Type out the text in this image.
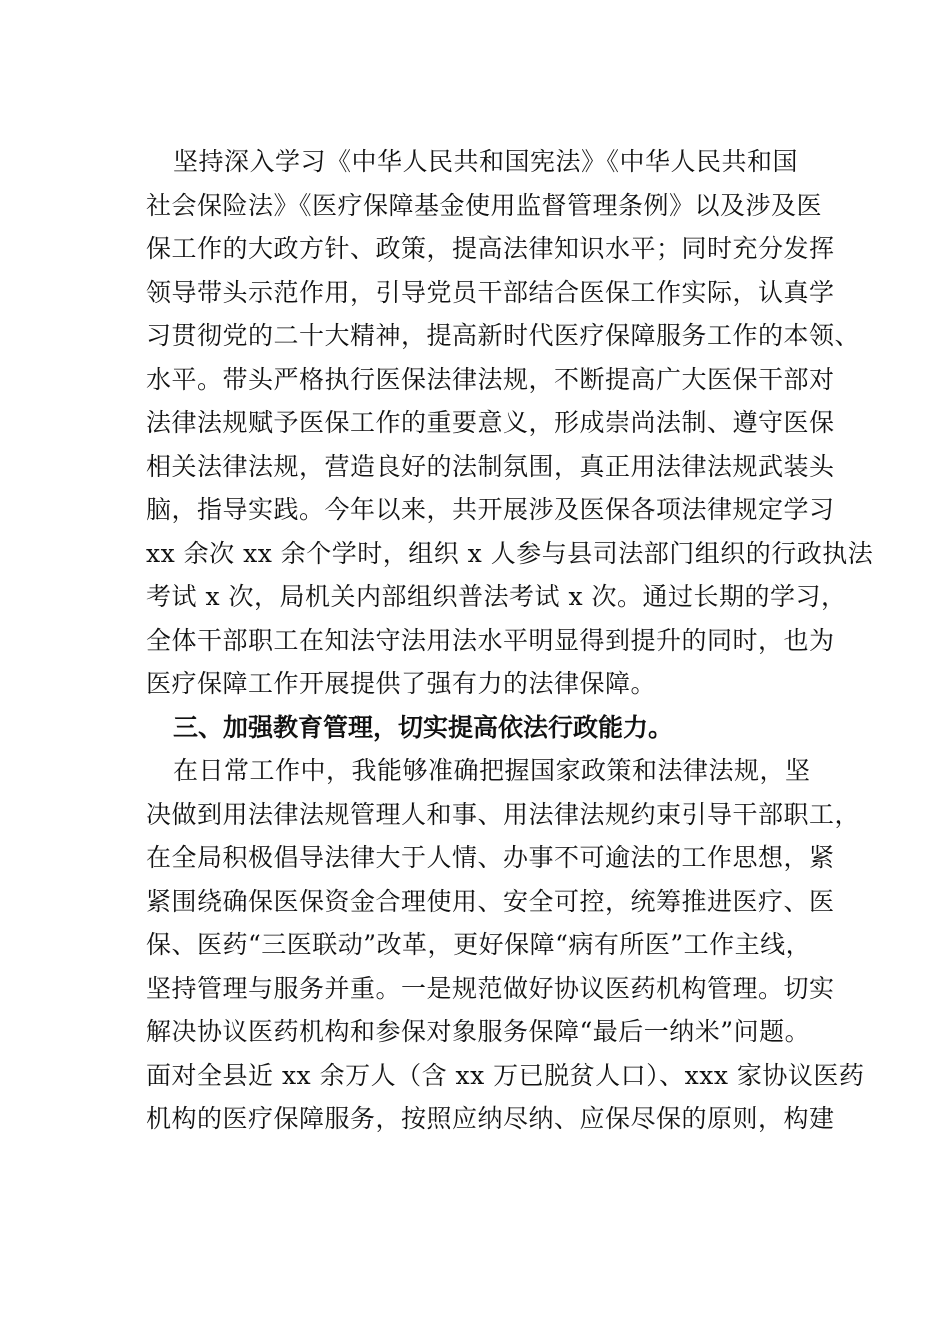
坚持深入学习《中华人民共和国宪法》《中华人民共和国
社会保险法》《医疗保障基金使用监督管理条例》以及涉及医
保工作的大政方针、政策，提高法律知识水平；同时充分发挥
领导带头示范作用，引导党员干部结合医保工作实际，认真学
习贯彻党的二十大精神，提高新时代医疗保障服务工作的本领、
水平。带头严格执行医保法律法规，不断提高广大医保干部对
法律法规赋予医保工作的重要意义，形成崇尚法制、遵守医保
相关法律法规，营造良好的法制氛围，真正用法律法规武装头
脑，指导实践。今年以来，共开展涉及医保各项法律规定学习
xx 余次 xx 余个学时，组织 x 人参与县司法部门组织的行政执法
考试 x 次，局机关内部组织普法考试 x 次。通过长期的学习，
全体干部职工在知法守法用法水平明显得到提升的同时，也为
医疗保障工作开展提供了强有力的法律保障。
三、加强教育管理，切实提高依法行政能力。
在日常工作中，我能够准确把握国家政策和法律法规，坚
决做到用法律法规管理人和事、用法律法规约束引导干部职工，
在全局积极倡导法律大于人情、办事不可逾法的工作思想，紧
紧围绕确保医保资金合理使用、安全可控，统筹推进医疗、医
保、医药“三医联动”改革，更好保障“病有所医”工作主线，
坚持管理与服务并重。一是规范做好协议医药机构管理。切实
解决协议医药机构和参保对象服务保障“最后一纳米”问题。
面对全县近 xx 余万人（含 xx 万已脱贫人口）、xxx 家协议医药
机构的医疗保障服务，按照应纳尽纳、应保尽保的原则，构建
